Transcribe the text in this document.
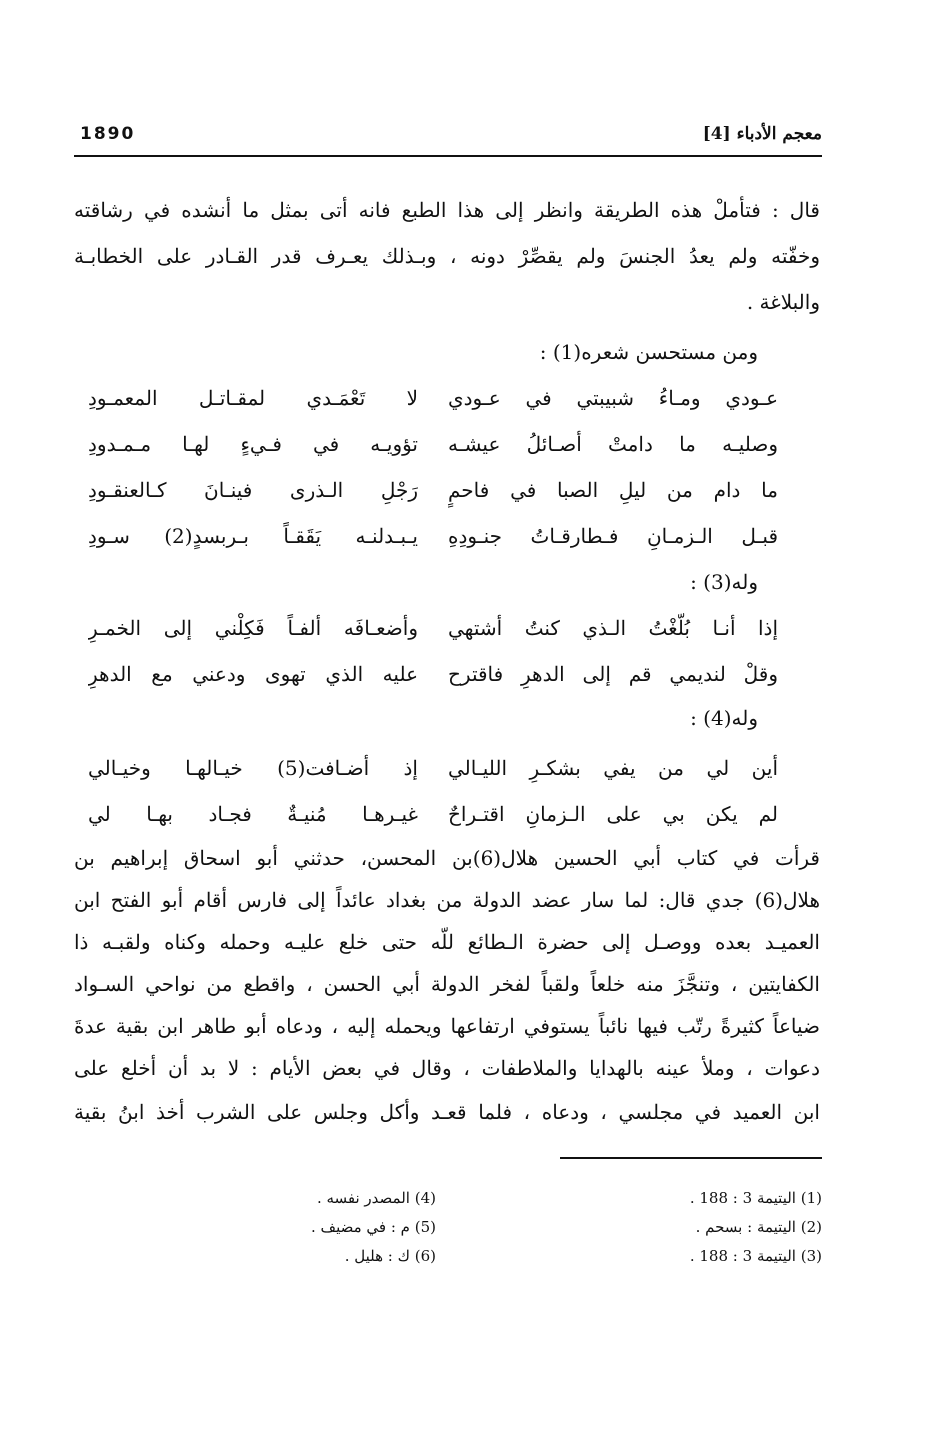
1890	معجم الأدباء [4]
قال : فتأملْ هذه الطريقة وانظر إلى هذا الطبع فانه أتى بمثل ما أنشده في رشاقته
وخفّته ولم يعدُ الجنسَ ولم يقصِّرْ دونه ، وبـذلك يعـرف قدر القـادر على الخطابـة
والبلاغة .
ومن مستحسن شعره(1) :
عـودي ومـاءُ شبيبتي في عـودي
لا تَعْمَـدي لمقـاتـل المعمـودِ
وصليـه ما دامتْ أصـائلُ عيشـه
تؤويـه في فـيءٍ لهـا مـمـدودِ
ما دام من ليلِ الصبا في فاحمٍ
رَجْلِ الـذرى فينـانَ كـالعنقـودِ
قبـل الـزمـانِ فـطارقـاتُ جنـودِهِ
يـبـدلنـه يَقَقـاً بـربسدٍ(2) سـودِ
وله(3) :
إذا أنـا بُلّغْتُ الـذي كنتُ أشتهي
وأضعـافَه ألفـاً فَكِلْني إلى الخمـرِ
وقلْ لنديمي قم إلى الدهرِ فاقترح
عليه الذي تهوى ودعني مع الدهرِ
وله(4) :
أين لي من يفي بشكـرِ الليـالي
إذ أضـافت(5) خيـالهـا وخيـالي
لم يكن بي على الـزمانِ اقتـراحٌ
غيـرهـا مُنيـةٌ فجـاد بهـا لي
قرأت في كتاب أبي الحسين هلال(6)بن المحسن، حدثني أبو اسحاق إبراهيم بن
هلال(6) جدي قال: لما سار عضد الدولة من بغداد عائداً إلى فارس أقام أبو الفتح ابن
العميـد بعده ووصـل إلى حضرة الـطائع للّه حتى خلع عليـه وحمله وكناه ولقبـه ذا
الكفايتين ، وتنجَّزَ منه خلعاً ولقباً لفخر الدولة أبي الحسن ، واقطع من نواحي السـواد
ضياعاً كثيرةً رتّب فيها نائباً يستوفي ارتفاعها ويحمله إليه ، ودعاه أبو طاهر ابن بقية عدةَ
دعوات ، وملأ عينه بالهدايا والملاطفات ، وقال في بعض الأيام : لا بد أن أخلع على
ابن العميد في مجلسي ، ودعاه ، فلما قعـد وأكل وجلس على الشرب أخذ ابنُ بقية
(1) اليتيمة 3 : 188 .
(2) اليتيمة : بسحم .
(3) اليتيمة 3 : 188 .
(4) المصدر نفسه .
(5) م : في مضيف .
(6) ك : هليل .
